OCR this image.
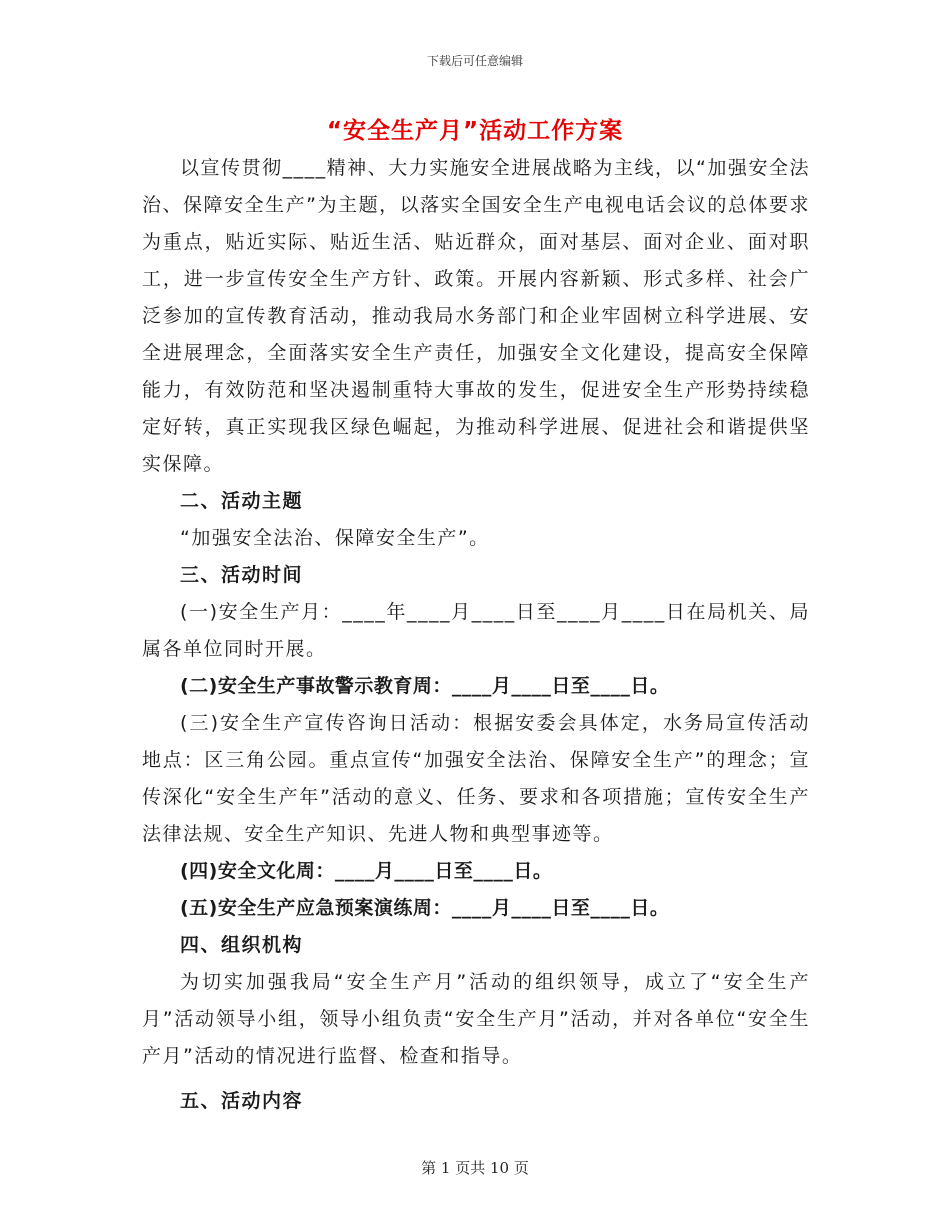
下载后可任意编辑
“安全生产月”活动工作方案

以宣传贯彻____精神、大力实施安全进展战略为主线，以“加强安全法治、保障安全生产”为主题，以落实全国安全生产电视电话会议的总体要求为重点，贴近实际、贴近生活、贴近群众，面对基层、面对企业、面对职工，进一步宣传安全生产方针、政策。开展内容新颖、形式多样、社会广泛参加的宣传教育活动，推动我局水务部门和企业牢固树立科学进展、安全进展理念，全面落实安全生产责任，加强安全文化建设，提高安全保障能力，有效防范和坚决遏制重特大事故的发生，促进安全生产形势持续稳定好转，真正实现我区绿色崛起，为推动科学进展、促进社会和谐提供坚实保障。

二、活动主题

“加强安全法治、保障安全生产”。

三、活动时间

(一)安全生产月：____年____月____日至____月____日在局机关、局属各单位同时开展。

(二)安全生产事故警示教育周：____月____日至____日。

(三)安全生产宣传咨询日活动：根据安委会具体定，水务局宣传活动地点：区三角公园。重点宣传“加强安全法治、保障安全生产”的理念；宣传深化“安全生产年”活动的意义、任务、要求和各项措施；宣传安全生产法律法规、安全生产知识、先进人物和典型事迹等。

(四)安全文化周：____月____日至____日。

(五)安全生产应急预案演练周：____月____日至____日。

四、组织机构

为切实加强我局“安全生产月”活动的组织领导，成立了“安全生产月”活动领导小组，领导小组负责“安全生产月”活动，并对各单位“安全生产月”活动的情况进行监督、检查和指导。

五、活动内容

第 1 页共 10 页
